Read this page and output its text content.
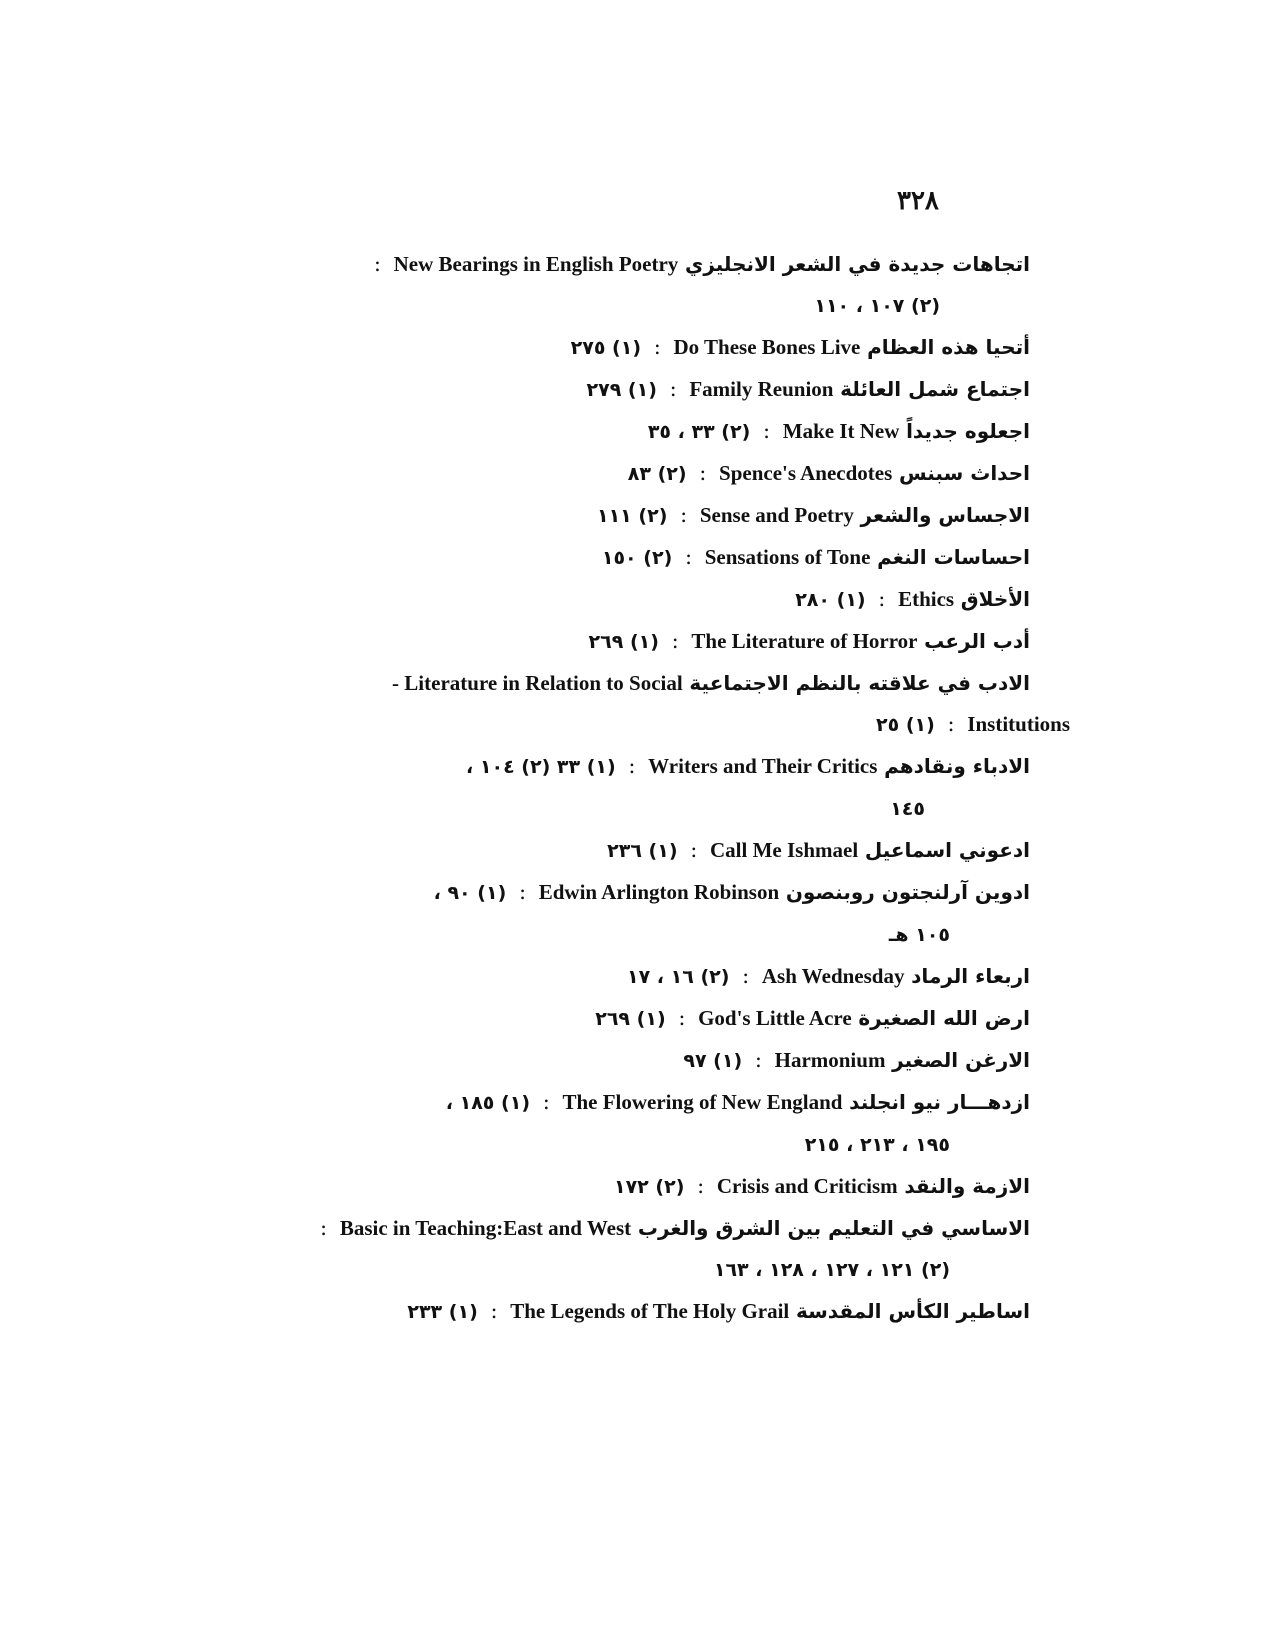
٣٢٨
اتجاهات جديدة في الشعر الانجليزي New Bearings in English Poetry :
(٢) ١٠٧ ، ١١٠
أتحيا هذه العظام Do These Bones Live : (١) ٢٧٥
اجتماع شمل العائلة Family Reunion : (١) ٢٧٩
اجعلوه جديداً Make It New : (٢) ٣٣ ، ٣٥
احداث سبنس Spence's Anecdotes : (٢) ٨٣
الاجساس والشعر Sense and Poetry : (٢) ١١١
احساسات النغم Sensations of Tone : (٢) ١٥٠
الأخلاق Ethics : (١) ٢٨٠
أدب الرعب The Literature of Horror : (١) ٢٦٩
الادب في علاقته بالنظم الاجتماعية Literature in Relation to Social -
Institutions : (١) ٢٥
الادباء ونقادهم Writers and Their Critics : (١) ٣٣ (٢) ١٠٤ ،
١٤٥
ادعوني اسماعيل Call Me Ishmael : (١) ٢٣٦
ادوين آرلنجتون روبنصون Edwin Arlington Robinson : (١) ٩٠ ،
١٠٥ هـ
اربعاء الرماد Ash Wednesday : (٢) ١٦ ، ١٧
ارض الله الصغيرة God's Little Acre : (١) ٢٦٩
الارغن الصغير Harmonium : (١) ٩٧
ازدهـــار نيو انجلند The Flowering of New England : (١) ١٨٥ ،
١٩٥ ، ٢١٣ ، ٢١٥
الازمة والنقد Crisis and Criticism : (٢) ١٧٢
الاساسي في التعليم بين الشرق والغرب Basic in Teaching:East and West :
(٢) ١٢١ ، ١٢٧ ، ١٢٨ ، ١٦٣
اساطير الكأس المقدسة The Legends of The Holy Grail : (١) ٢٣٣
